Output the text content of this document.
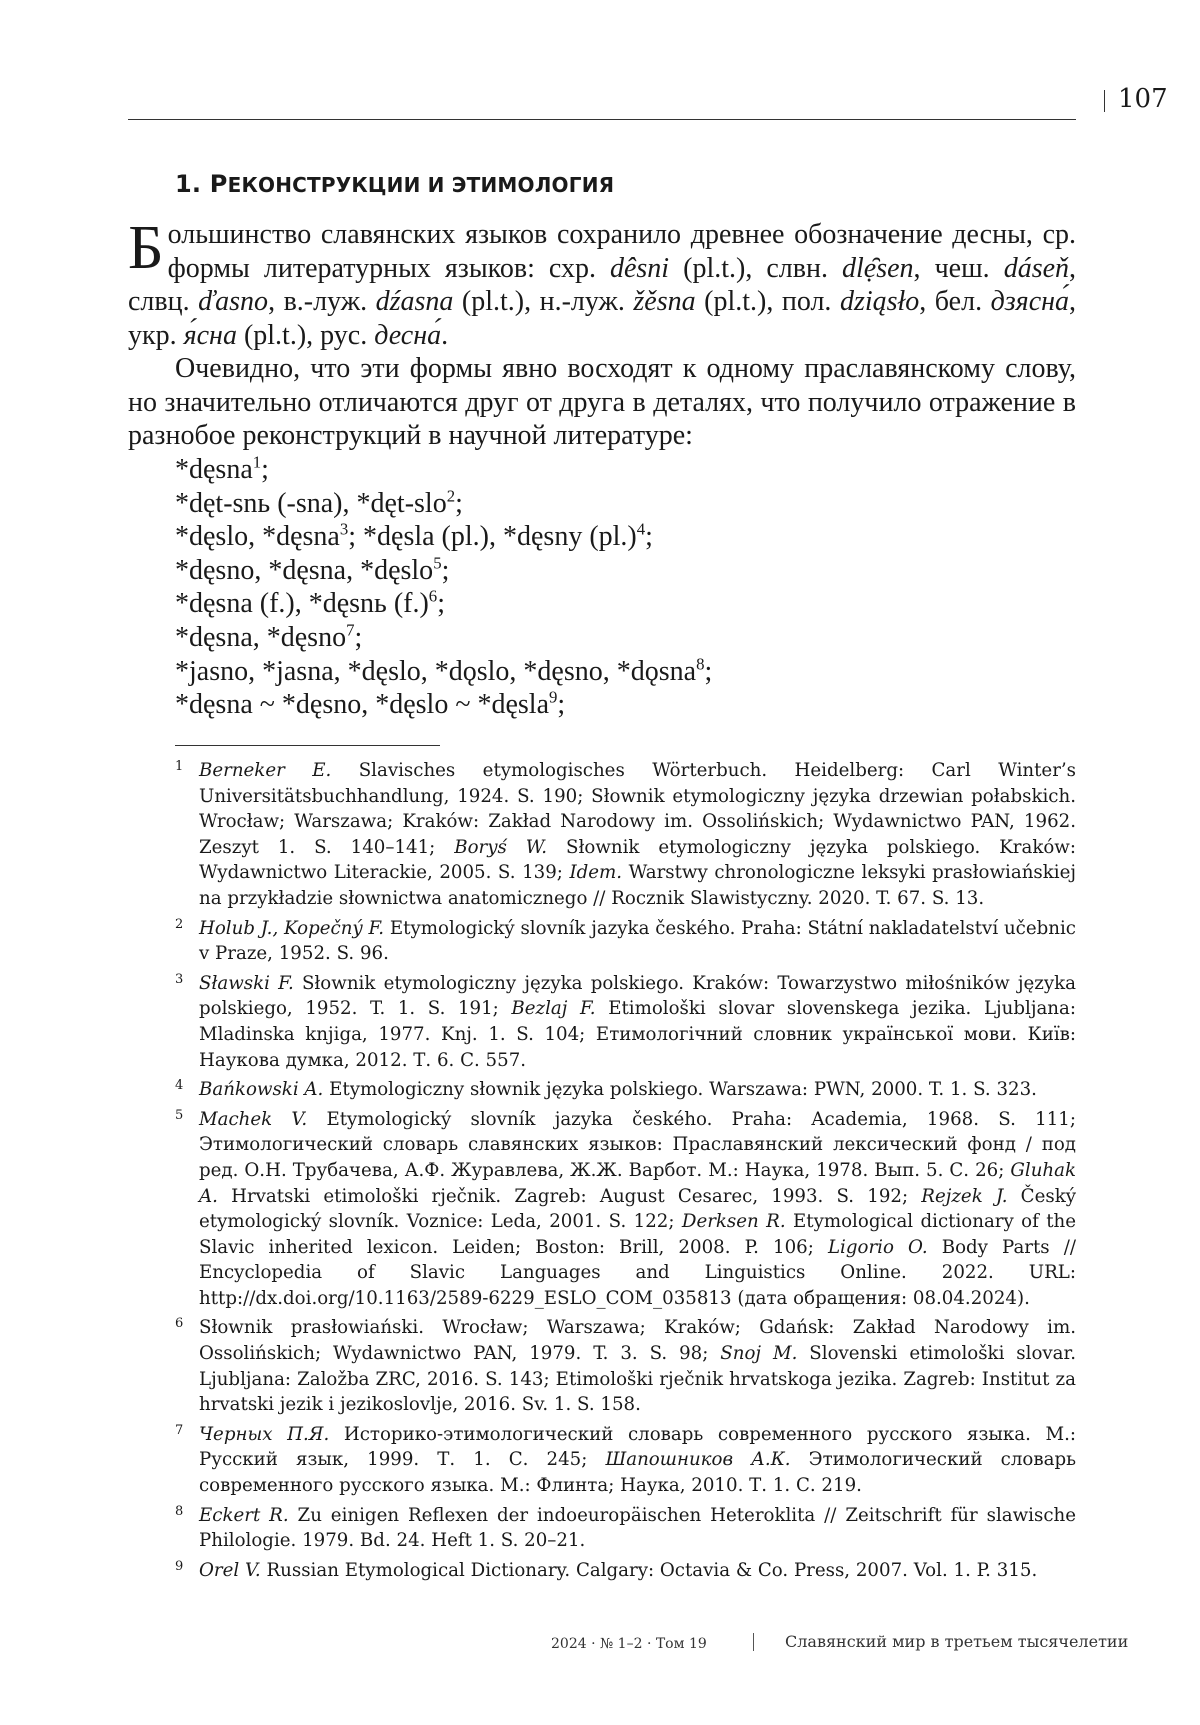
107
1. РЕКОНСТРУКЦИИ И ЭТИМОЛОГИЯ

Большинство славянских языков сохранило древнее обозначение десны, ср. формы литературных языков: схр. dêsni (pl.t.), слвн. dlẹ̑sen, чеш. dáseň, слвц. ďasno, в.-луж. dźasna (pl.t.), н.-луж. žěsna (pl.t.), пол. dziąsło, бел. дзясна́, укр. я́сна (pl.t.), рус. десна́.

Очевидно, что эти формы явно восходят к одному праславянскому слову, но значительно отличаются друг от друга в деталях, что получило отражение в разнобое реконструкций в научной литературе:

*dęsna$^1$;
*dęt-snь (-sna), *dęt-slo$^2$;
*dęslo, *dęsna$^3$; *dęsla (pl.), *dęsny $(pl.)^4$;
*dęsno, *dęsna, *dęslo$^5$;
*dęsna (f.), *dęsnь $(f.)^6$;
*dęsna, *dęsno$^7$;
*jasno, *jasna, *dęslo, *dǫslo, *dęsno, *dǫsna$^8$;
*dęsna ~ *dęsno, *dęslo ~ *dęsla$^9$;
1 Berneker E. Slavisches etymologisches Wörterbuch. Heidelberg: Carl Winter’s Universitätsbuchhandlung, 1924. S. 190; Słownik etymologiczny języka drzewian połabskich. Wrocław; Warszawa; Kraków: Zakład Narodowy im. Ossolińskich; Wydawnictwo PAN, 1962. Zeszyt 1. S. 140–141; Boryś W. Słownik etymologiczny języka polskiego. Kraków: Wydawnictwo Literackie, 2005. S. 139; Idem. Warstwy chronologiczne leksyki prasłowiańskiej na przykładzie słownictwa anatomicznego // Rocznik Slawistyczny. 2020. T. 67. S. 13.
2 Holub J., Kopečný F. Etymologický slovník jazyka českého. Praha: Státní nakladatelství učebnic v Praze, 1952. S. 96.
3 Sławski F. Słownik etymologiczny języka polskiego. Kraków: Towarzystwo miłośników języka polskiego, 1952. T. 1. S. 191; Bezlaj F. Etimološki slovar slovenskega jezika. Ljubljana: Mladinska knjiga, 1977. Knj. 1. S. 104; Етимологічний словник української мови. Київ: Наукова думка, 2012. Т. 6. С. 557.
4 Bańkowski A. Etymologiczny słownik języka polskiego. Warszawa: PWN, 2000. T. 1. S. 323.
5 Machek V. Etymologický slovník jazyka českého. Praha: Academia, 1968. S. 111; Этимологический словарь славянских языков: Праславянский лексический фонд / под ред. О.Н. Трубачева, А.Ф. Журавлева, Ж.Ж. Варбот. М.: Наука, 1978. Вып. 5. С. 26; Gluhak A. Hrvatski etimološki rječnik. Zagreb: August Cesarec, 1993. S. 192; Rejzek J. Český etymologický slovník. Voznice: Leda, 2001. S. 122; Derksen R. Etymological dictionary of the Slavic inherited lexicon. Leiden; Boston: Brill, 2008. P. 106; Ligorio O. Body Parts // Encyclopedia of Slavic Languages and Linguistics Online. 2022. URL: http://dx.doi.org/10.1163/2589-6229_ESLO_COM_035813 (дата обращения: 08.04.2024).
6 Słownik prasłowiański. Wrocław; Warszawa; Kraków; Gdańsk: Zakład Narodowy im. Ossolińskich; Wydawnictwo PAN, 1979. T. 3. S. 98; Snoj M. Slovenski etimološki slovar. Ljubljana: Založba ZRC, 2016. S. 143; Etimološki rječnik hrvatskoga jezika. Zagreb: Institut za hrvatski jezik i jezikoslovlje, 2016. Sv. 1. S. 158.
7 Черных П.Я. Историко-этимологический словарь современного русского языка. М.: Русский язык, 1999. Т. 1. С. 245; Шапошников А.К. Этимологический словарь современного русского языка. М.: Флинта; Наука, 2010. Т. 1. С. 219.
8 Eckert R. Zu einigen Reflexen der indoeuropäischen Heteroklita // Zeitschrift für slawische Philologie. 1979. Bd. 24. Heft 1. S. 20–21.
9 Orel V. Russian Etymological Dictionary. Calgary: Octavia & Co. Press, 2007. Vol. 1. P. 315.
2024 · № 1–2 · Том 19	Славянский мир в третьем тысячелетии
